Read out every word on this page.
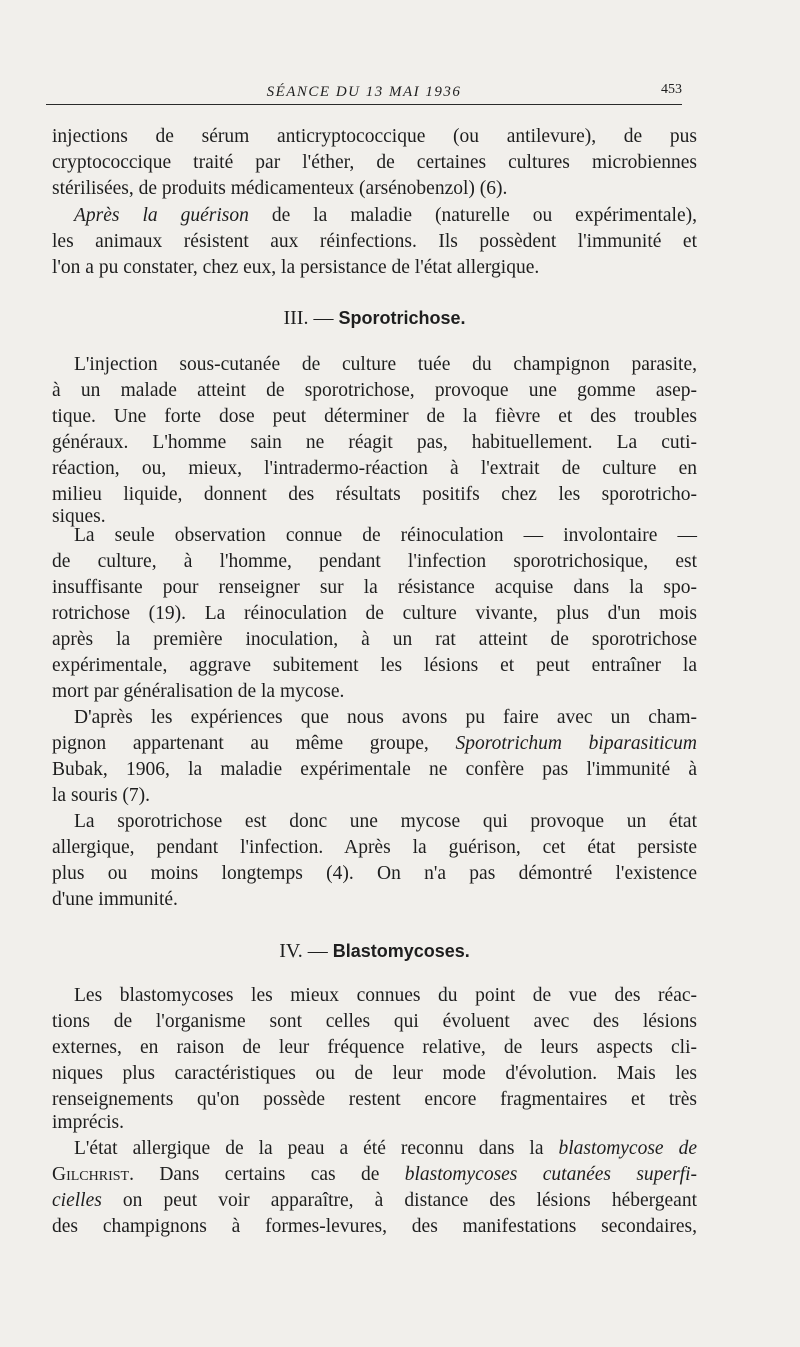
SÉANCE DU 13 MAI 1936	453
injections de sérum anticryptococcique (ou antilevure), de pus
cryptococcique traité par l'éther, de certaines cultures microbiennes
stérilisées, de produits médicamenteux (arsénobenzol) (6).
Après la guérison de la maladie (naturelle ou expérimentale),
les animaux résistent aux réinfections. Ils possèdent l'immunité et
l'on a pu constater, chez eux, la persistance de l'état allergique.
III. — Sporotrichose.
L'injection sous-cutanée de culture tuée du champignon parasite,
à un malade atteint de sporotrichose, provoque une gomme asep-
tique. Une forte dose peut déterminer de la fièvre et des troubles
généraux. L'homme sain ne réagit pas, habituellement. La cuti-
réaction, ou, mieux, l'intradermo-réaction à l'extrait de culture en
milieu liquide, donnent des résultats positifs chez les sporotricho-
siques.
La seule observation connue de réinoculation — involontaire —
de culture, à l'homme, pendant l'infection sporotrichosique, est
insuffisante pour renseigner sur la résistance acquise dans la spo-
rotrichose (19). La réinoculation de culture vivante, plus d'un mois
après la première inoculation, à un rat atteint de sporotrichose
expérimentale, aggrave subitement les lésions et peut entraîner la
mort par généralisation de la mycose.
D'après les expériences que nous avons pu faire avec un cham-
pignon appartenant au même groupe, Sporotrichum biparasiticum
Bubak, 1906, la maladie expérimentale ne confère pas l'immunité à
la souris (7).
La sporotrichose est donc une mycose qui provoque un état
allergique, pendant l'infection. Après la guérison, cet état persiste
plus ou moins longtemps (4). On n'a pas démontré l'existence
d'une immunité.
IV. — Blastomycoses.
Les blastomycoses les mieux connues du point de vue des réac-
tions de l'organisme sont celles qui évoluent avec des lésions
externes, en raison de leur fréquence relative, de leurs aspects cli-
niques plus caractéristiques ou de leur mode d'évolution. Mais les
renseignements qu'on possède restent encore fragmentaires et très
imprécis.
L'état allergique de la peau a été reconnu dans la blastomycose de
Gilchrist. Dans certains cas de blastomycoses cutanées superfi-
cielles on peut voir apparaître, à distance des lésions hébergeant
des champignons à formes-levures, des manifestations secondaires,
